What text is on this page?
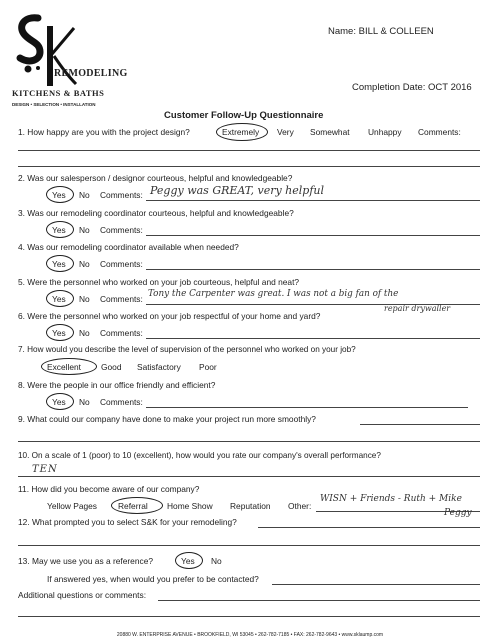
REMODELING
KITCHENS & BATHS
DESIGN • SELECTION • INSTALLATION
Name: BILL & COLLEEN
Completion Date: OCT 2016
Customer Follow-Up Questionnaire
1. How happy are you with the project design?	Extremely Very Somewhat Unhappy Comments:
2. Was our salesperson / designor courteous, helpful and knowledgeable?
Yes No Comments: Peggy was GREAT, very helpful
3. Was our remodeling coordinator courteous, helpful and knowledgeable?
Yes No Comments:
4. Was our remodeling coordinator available when needed?
Yes No Comments:
5. Were the personnel who worked on your job courteous, helpful and neat?
Yes No Comments: Tony the Carpenter was great. I was not a big fan of the
repair drywaller
6. Were the personnel who worked on your job respectful of your home and yard?
Yes No Comments:
7. How would you describe the level of supervision of the personnel who worked on your job?
Excellent Good Satisfactory Poor
8. Were the people in our office friendly and efficient?
Yes No Comments:
9. What could our company have done to make your project run more smoothly?
10. On a scale of 1 (poor) to 10 (excellent), how would you rate our company's overall performance?
TEN
11. How did you become aware of our company?
Yellow Pages	Referral Home Show Reputation Other:
WISN + Friends - Ruth + Mike
12. What prompted you to select S&K for your remodeling?
Peggy
13. May we use you as a reference?	Yes No
If answered yes, when would you prefer to be contacted?
Additional questions or comments:
20880 W. ENTERPRISE AVENUE • BROOKFIELD, WI 53045 • 262-782-7185 • FAX: 262-782-9643 • www.sklaump.com
